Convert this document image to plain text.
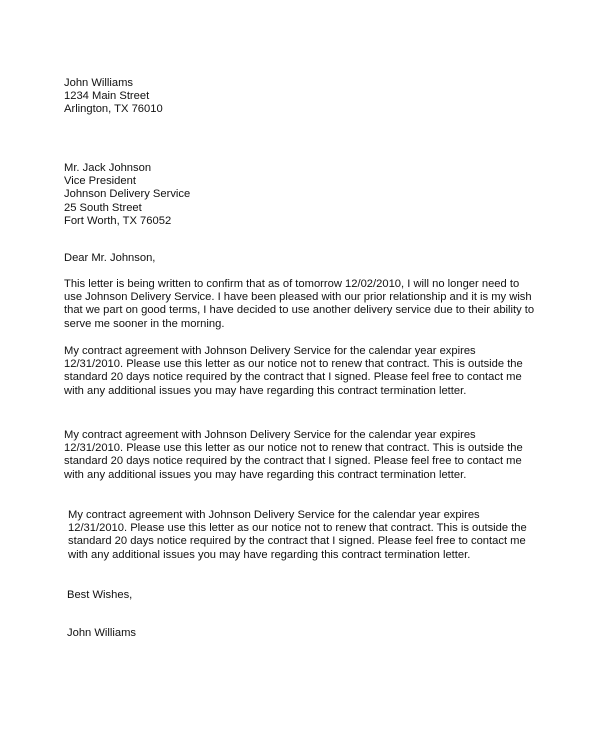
John Williams
1234 Main Street
Arlington, TX 76010
Mr. Jack Johnson
Vice President
Johnson Delivery Service
25 South Street
Fort Worth, TX 76052
Dear Mr. Johnson,
This letter is being written to confirm that as of tomorrow 12/02/2010, I will no longer need to
use Johnson Delivery Service. I have been pleased with our prior relationship and it is my wish
that we part on good terms, I have decided to use another delivery service due to their ability to
serve me sooner in the morning.
My contract agreement with Johnson Delivery Service for the calendar year expires
12/31/2010. Please use this letter as our notice not to renew that contract. This is outside the
standard 20 days notice required by the contract that I signed. Please feel free to contact me
with any additional issues you may have regarding this contract termination letter.
My contract agreement with Johnson Delivery Service for the calendar year expires
12/31/2010. Please use this letter as our notice not to renew that contract. This is outside the
standard 20 days notice required by the contract that I signed. Please feel free to contact me
with any additional issues you may have regarding this contract termination letter.
My contract agreement with Johnson Delivery Service for the calendar year expires
12/31/2010. Please use this letter as our notice not to renew that contract. This is outside the
standard 20 days notice required by the contract that I signed. Please feel free to contact me
with any additional issues you may have regarding this contract termination letter.
Best Wishes,
John Williams
